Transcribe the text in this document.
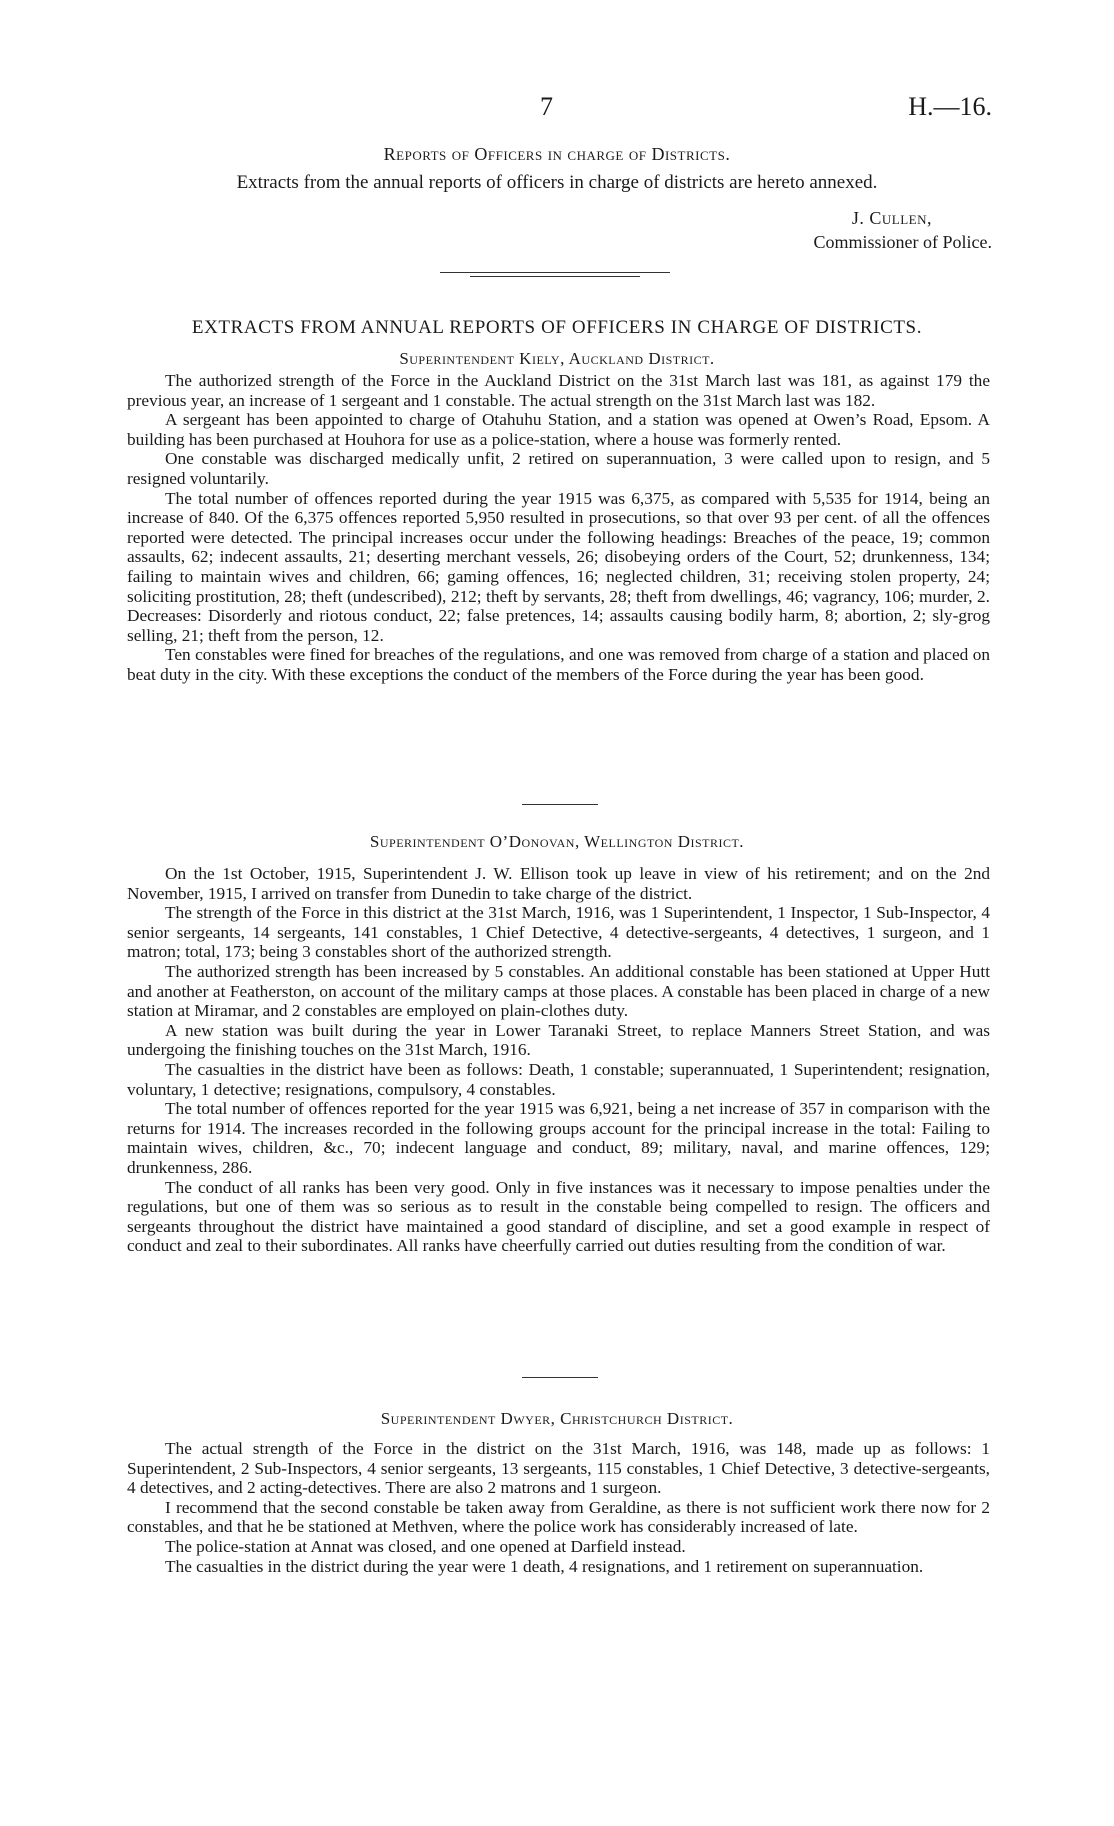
7	H.—16.
Reports of Officers in charge of Districts.
Extracts from the annual reports of officers in charge of districts are hereto annexed.
J. Cullen,
Commissioner of Police.
EXTRACTS FROM ANNUAL REPORTS OF OFFICERS IN CHARGE OF DISTRICTS.
Superintendent Kiely, Auckland District.

The authorized strength of the Force in the Auckland District on the 31st March last was 181, as against 179 the previous year, an increase of 1 sergeant and 1 constable. The actual strength on the 31st March last was 182.

A sergeant has been appointed to charge of Otahuhu Station, and a station was opened at Owen’s Road, Epsom. A building has been purchased at Houhora for use as a police-station, where a house was formerly rented.

One constable was discharged medically unfit, 2 retired on superannuation, 3 were called upon to resign, and 5 resigned voluntarily.

The total number of offences reported during the year 1915 was 6,375, as compared with 5,535 for 1914, being an increase of 840. Of the 6,375 offences reported 5,950 resulted in prosecutions, so that over 93 per cent. of all the offences reported were detected. The principal increases occur under the following headings: Breaches of the peace, 19; common assaults, 62; indecent assaults, 21; deserting merchant vessels, 26; disobeying orders of the Court, 52; drunkenness, 134; failing to maintain wives and children, 66; gaming offences, 16; neglected children, 31; receiving stolen property, 24; soliciting prostitution, 28; theft (undescribed), 212; theft by servants, 28; theft from dwellings, 46; vagrancy, 106; murder, 2. Decreases: Disorderly and riotous conduct, 22; false pretences, 14; assaults causing bodily harm, 8; abortion, 2; sly-grog selling, 21; theft from the person, 12.

Ten constables were fined for breaches of the regulations, and one was removed from charge of a station and placed on beat duty in the city. With these exceptions the conduct of the members of the Force during the year has been good.

Superintendent O’Donovan, Wellington District.

On the 1st October, 1915, Superintendent J. W. Ellison took up leave in view of his retirement; and on the 2nd November, 1915, I arrived on transfer from Dunedin to take charge of the district.

The strength of the Force in this district at the 31st March, 1916, was 1 Superintendent, 1 Inspector, 1 Sub-Inspector, 4 senior sergeants, 14 sergeants, 141 constables, 1 Chief Detective, 4 detective-sergeants, 4 detectives, 1 surgeon, and 1 matron; total, 173; being 3 constables short of the authorized strength.

The authorized strength has been increased by 5 constables. An additional constable has been stationed at Upper Hutt and another at Featherston, on account of the military camps at those places. A constable has been placed in charge of a new station at Miramar, and 2 constables are employed on plain-clothes duty.

A new station was built during the year in Lower Taranaki Street, to replace Manners Street Station, and was undergoing the finishing touches on the 31st March, 1916.

The casualties in the district have been as follows: Death, 1 constable; superannuated, 1 Superintendent; resignation, voluntary, 1 detective; resignations, compulsory, 4 constables.

The total number of offences reported for the year 1915 was 6,921, being a net increase of 357 in comparison with the returns for 1914. The increases recorded in the following groups account for the principal increase in the total: Failing to maintain wives, children, &c., 70; indecent language and conduct, 89; military, naval, and marine offences, 129; drunkenness, 286.

The conduct of all ranks has been very good. Only in five instances was it necessary to impose penalties under the regulations, but one of them was so serious as to result in the constable being compelled to resign. The officers and sergeants throughout the district have maintained a good standard of discipline, and set a good example in respect of conduct and zeal to their subordinates. All ranks have cheerfully carried out duties resulting from the condition of war.

Superintendent Dwyer, Christchurch District.

The actual strength of the Force in the district on the 31st March, 1916, was 148, made up as follows: 1 Superintendent, 2 Sub-Inspectors, 4 senior sergeants, 13 sergeants, 115 constables, 1 Chief Detective, 3 detective-sergeants, 4 detectives, and 2 acting-detectives. There are also 2 matrons and 1 surgeon.

I recommend that the second constable be taken away from Geraldine, as there is not sufficient work there now for 2 constables, and that he be stationed at Methven, where the police work has considerably increased of late.

The police-station at Annat was closed, and one opened at Darfield instead.

The casualties in the district during the year were 1 death, 4 resignations, and 1 retirement on superannuation.
